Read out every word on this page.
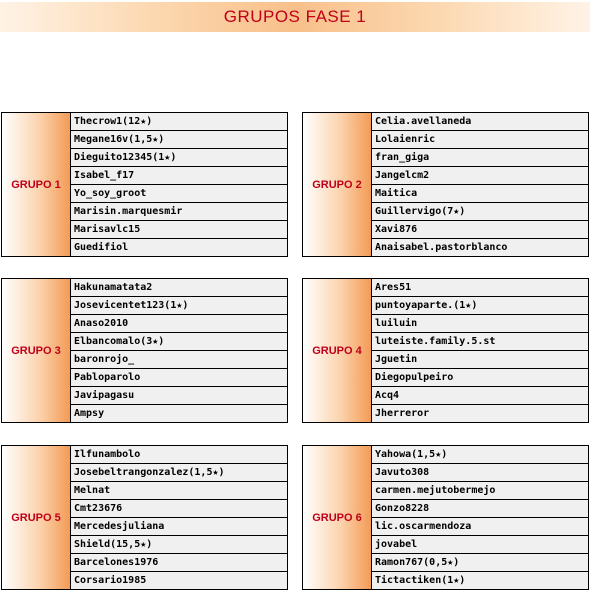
GRUPOS FASE 1
GRUPO 1
Thecrow1(12★)
Megane16v(1,5★)
Dieguito12345(1★)
Isabel_f17
Yo_soy_groot
Marisin.marquesmir
Marisavlc15
Guedifiol
GRUPO 2
Celia.avellaneda
Lolaienric
fran_giga
Jangelcm2
Maitica
Guillervigo(7★)
Xavi876
Anaisabel.pastorblanco
GRUPO 3
Hakunamatata2
Josevicentet123(1★)
Anaso2010
Elbancomalo(3★)
baronrojo_
Pabloparolo
Javipagasu
Ampsy
GRUPO 4
Ares51
puntoyaparte.(1★)
luiluin
luteiste.family.5.st
Jguetin
Diegopulpeiro
Acq4
Jherreror
GRUPO 5
Ilfunambolo
Josebeltrangonzalez(1,5★)
Melnat
Cmt23676
Mercedesjuliana
Shield(15,5★)
Barcelones1976
Corsario1985
GRUPO 6
Yahowa(1,5★)
Javuto308
carmen.mejutobermejo
Gonzo8228
lic.oscarmendoza
jovabel
Ramon767(0,5★)
Tictactiken(1★)
